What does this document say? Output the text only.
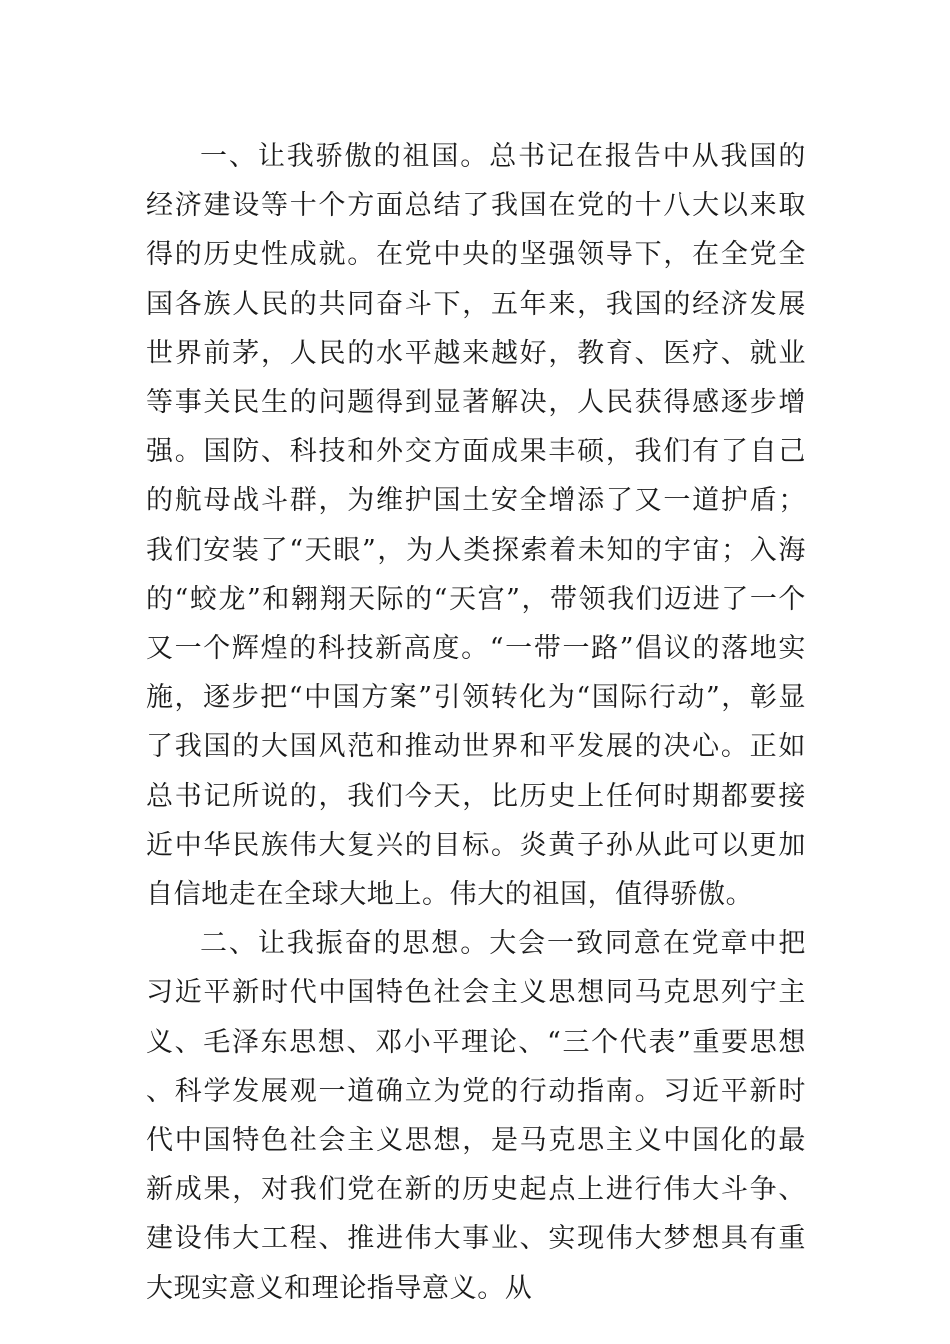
一、让我骄傲的祖国。总书记在报告中从我国的经济建设等十个方面总结了我国在党的十八大以来取得的历史性成就。在党中央的坚强领导下，在全党全国各族人民的共同奋斗下，五年来，我国的经济发展世界前茅，人民的水平越来越好，教育、医疗、就业等事关民生的问题得到显著解决，人民获得感逐步增强。国防、科技和外交方面成果丰硕，我们有了自己的航母战斗群，为维护国土安全增添了又一道护盾；我们安装了“天眼”，为人类探索着未知的宇宙；入海的“蛟龙”和翱翔天际的“天宫”，带领我们迈进了一个又一个辉煌的科技新高度。“一带一路”倡议的落地实施，逐步把“中国方案”引领转化为“国际行动”，彰显了我国的大国风范和推动世界和平发展的决心。正如总书记所说的，我们今天，比历史上任何时期都要接近中华民族伟大复兴的目标。炎黄子孙从此可以更加自信地走在全球大地上。伟大的祖国，值得骄傲。

二、让我振奋的思想。大会一致同意在党章中把习近平新时代中国特色社会主义思想同马克思列宁主义、毛泽东思想、邓小平理论、“三个代表”重要思想、科学发展观一道确立为党的行动指南。习近平新时代中国特色社会主义思想，是马克思主义中国化的最新成果，对我们党在新的历史起点上进行伟大斗争、建设伟大工程、推进伟大事业、实现伟大梦想具有重大现实意义和理论指导意义。从
